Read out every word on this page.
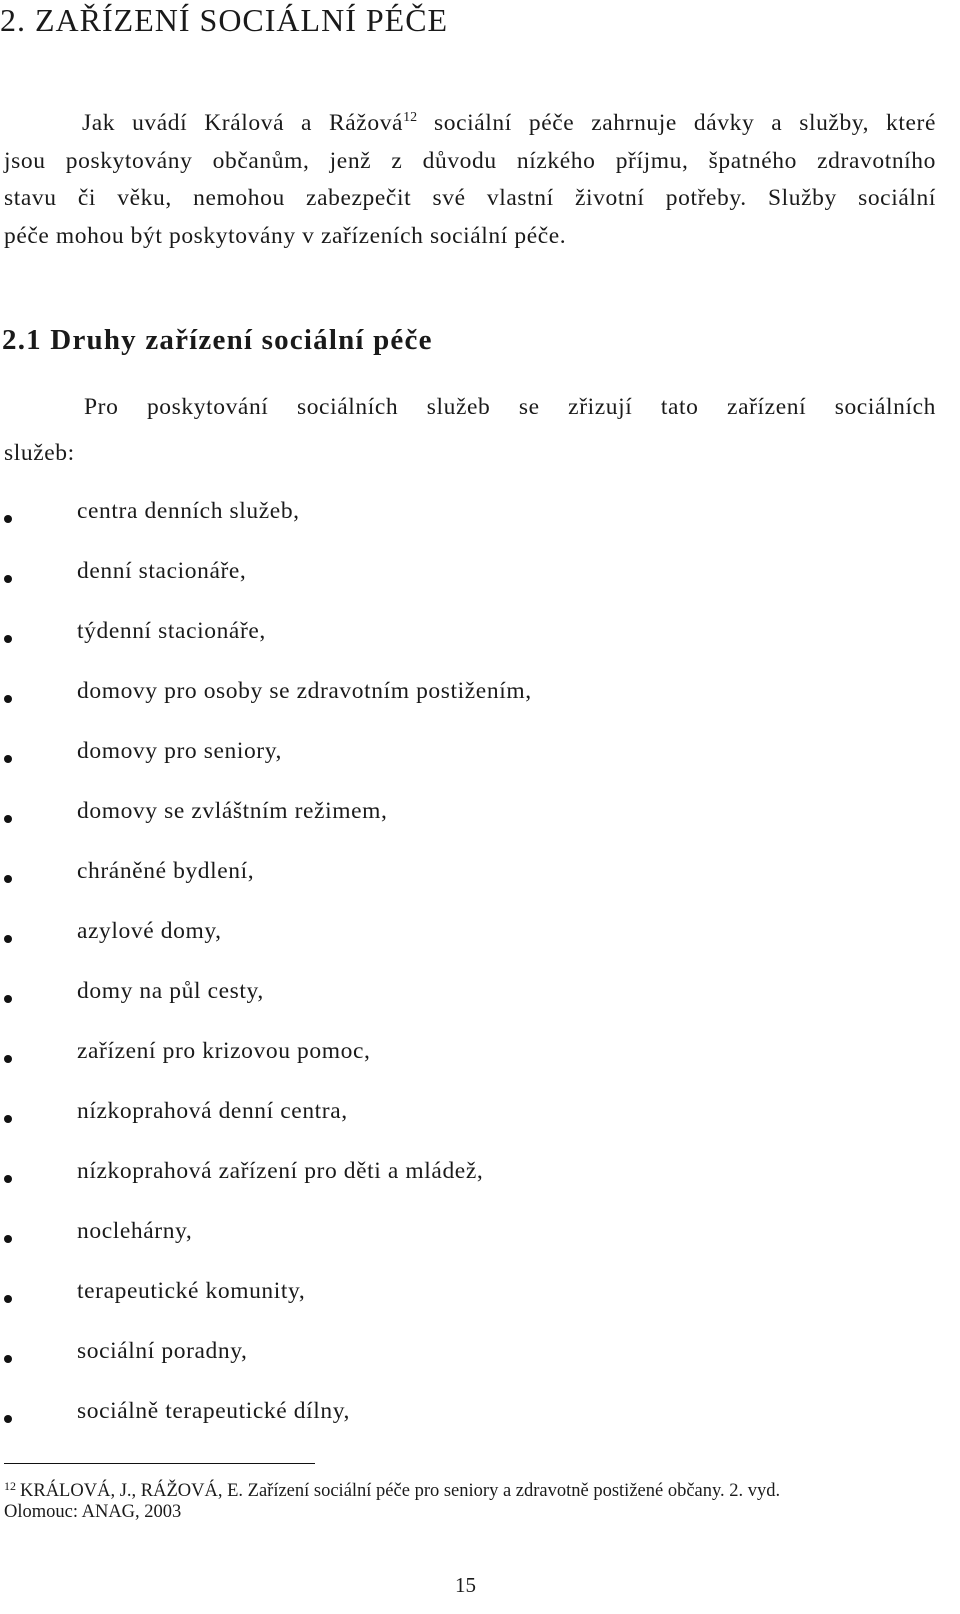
2. ZAŘÍZENÍ SOCIÁLNÍ PÉČE

Jak uvádí Králová a Rážová$^{12}$ sociální péče zahrnuje dávky a služby, které

jsou poskytovány občanům, jenž z důvodu nízkého příjmu, špatného zdravotního

stavu či věku, nemohou zabezpečit své vlastní životní potřeby. Služby sociální

péče mohou být poskytovány v zařízeních sociální péče.

2.1 Druhy zařízení sociální péče

Pro poskytování sociálních služeb se zřizují tato zařízení sociálních

služeb:

centra denních služeb,
denní stacionáře,
týdenní stacionáře,
domovy pro osoby se zdravotním postižením,
domovy pro seniory,
domovy se zvláštním režimem,
chráněné bydlení,
azylové domy,
domy na půl cesty,
zařízení pro krizovou pomoc,
nízkoprahová denní centra,
nízkoprahová zařízení pro děti a mládež,
noclehárny,
terapeutické komunity,
sociální poradny,
sociálně terapeutické dílny,
$^{12}$ KRÁLOVÁ, J., RÁŽOVÁ, E. Zařízení sociální péče pro seniory a zdravotně postižené občany. 2. vyd.
Olomouc: ANAG, 2003
15
